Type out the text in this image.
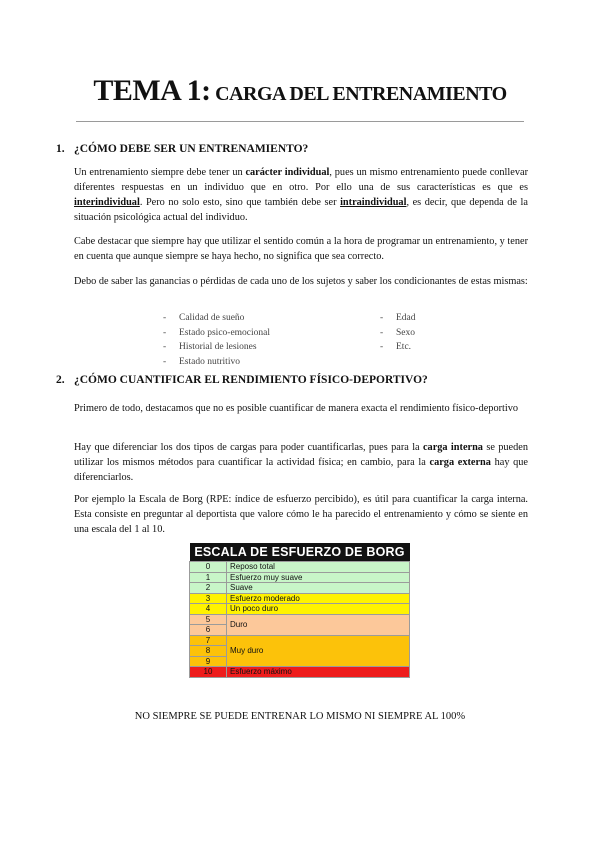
TEMA 1: CARGA DEL ENTRENAMIENTO
1. ¿CÓMO DEBE SER UN ENTRENAMIENTO?
Un entrenamiento siempre debe tener un carácter individual, pues un mismo entrenamiento puede conllevar diferentes respuestas en un individuo que en otro. Por ello una de sus características es que es interindividual. Pero no solo esto, sino que también debe ser intraindividual, es decir, que dependa de la situación psicológica actual del individuo.
Cabe destacar que siempre hay que utilizar el sentido común a la hora de programar un entrenamiento, y tener en cuenta que aunque siempre se haya hecho, no significa que sea correcto.
Debo de saber las ganancias o pérdidas de cada uno de los sujetos y saber los condicionantes de estas mismas:
- Calidad de sueño
- Estado psico-emocional
- Historial de lesiones
- Estado nutritivo
- Edad
- Sexo
- Etc.
2. ¿CÓMO CUANTIFICAR EL RENDIMIENTO FÍSICO-DEPORTIVO?
Primero de todo, destacamos que no es posible cuantificar de manera exacta el rendimiento físico-deportivo
Hay que diferenciar los dos tipos de cargas para poder cuantificarlas, pues para la carga interna se pueden utilizar los mismos métodos para cuantificar la actividad física; en cambio, para la carga externa hay que diferenciarlos.
Por ejemplo la Escala de Borg (RPE: índice de esfuerzo percibido), es útil para cuantificar la carga interna. Esta consiste en preguntar al deportista que valore cómo le ha parecido el entrenamiento y cómo se siente en una escala del 1 al 10.
ESCALA DE ESFUERZO DE BORG	
0	Reposo total
1	Esfuerzo muy suave
2	Suave
3	Esfuerzo moderado
4	Un poco duro
5	Duro
6	
7	Muy duro
8	
9	
10	Esfuerzo máximo
NO SIEMPRE SE PUEDE ENTRENAR LO MISMO NI SIEMPRE AL 100%
